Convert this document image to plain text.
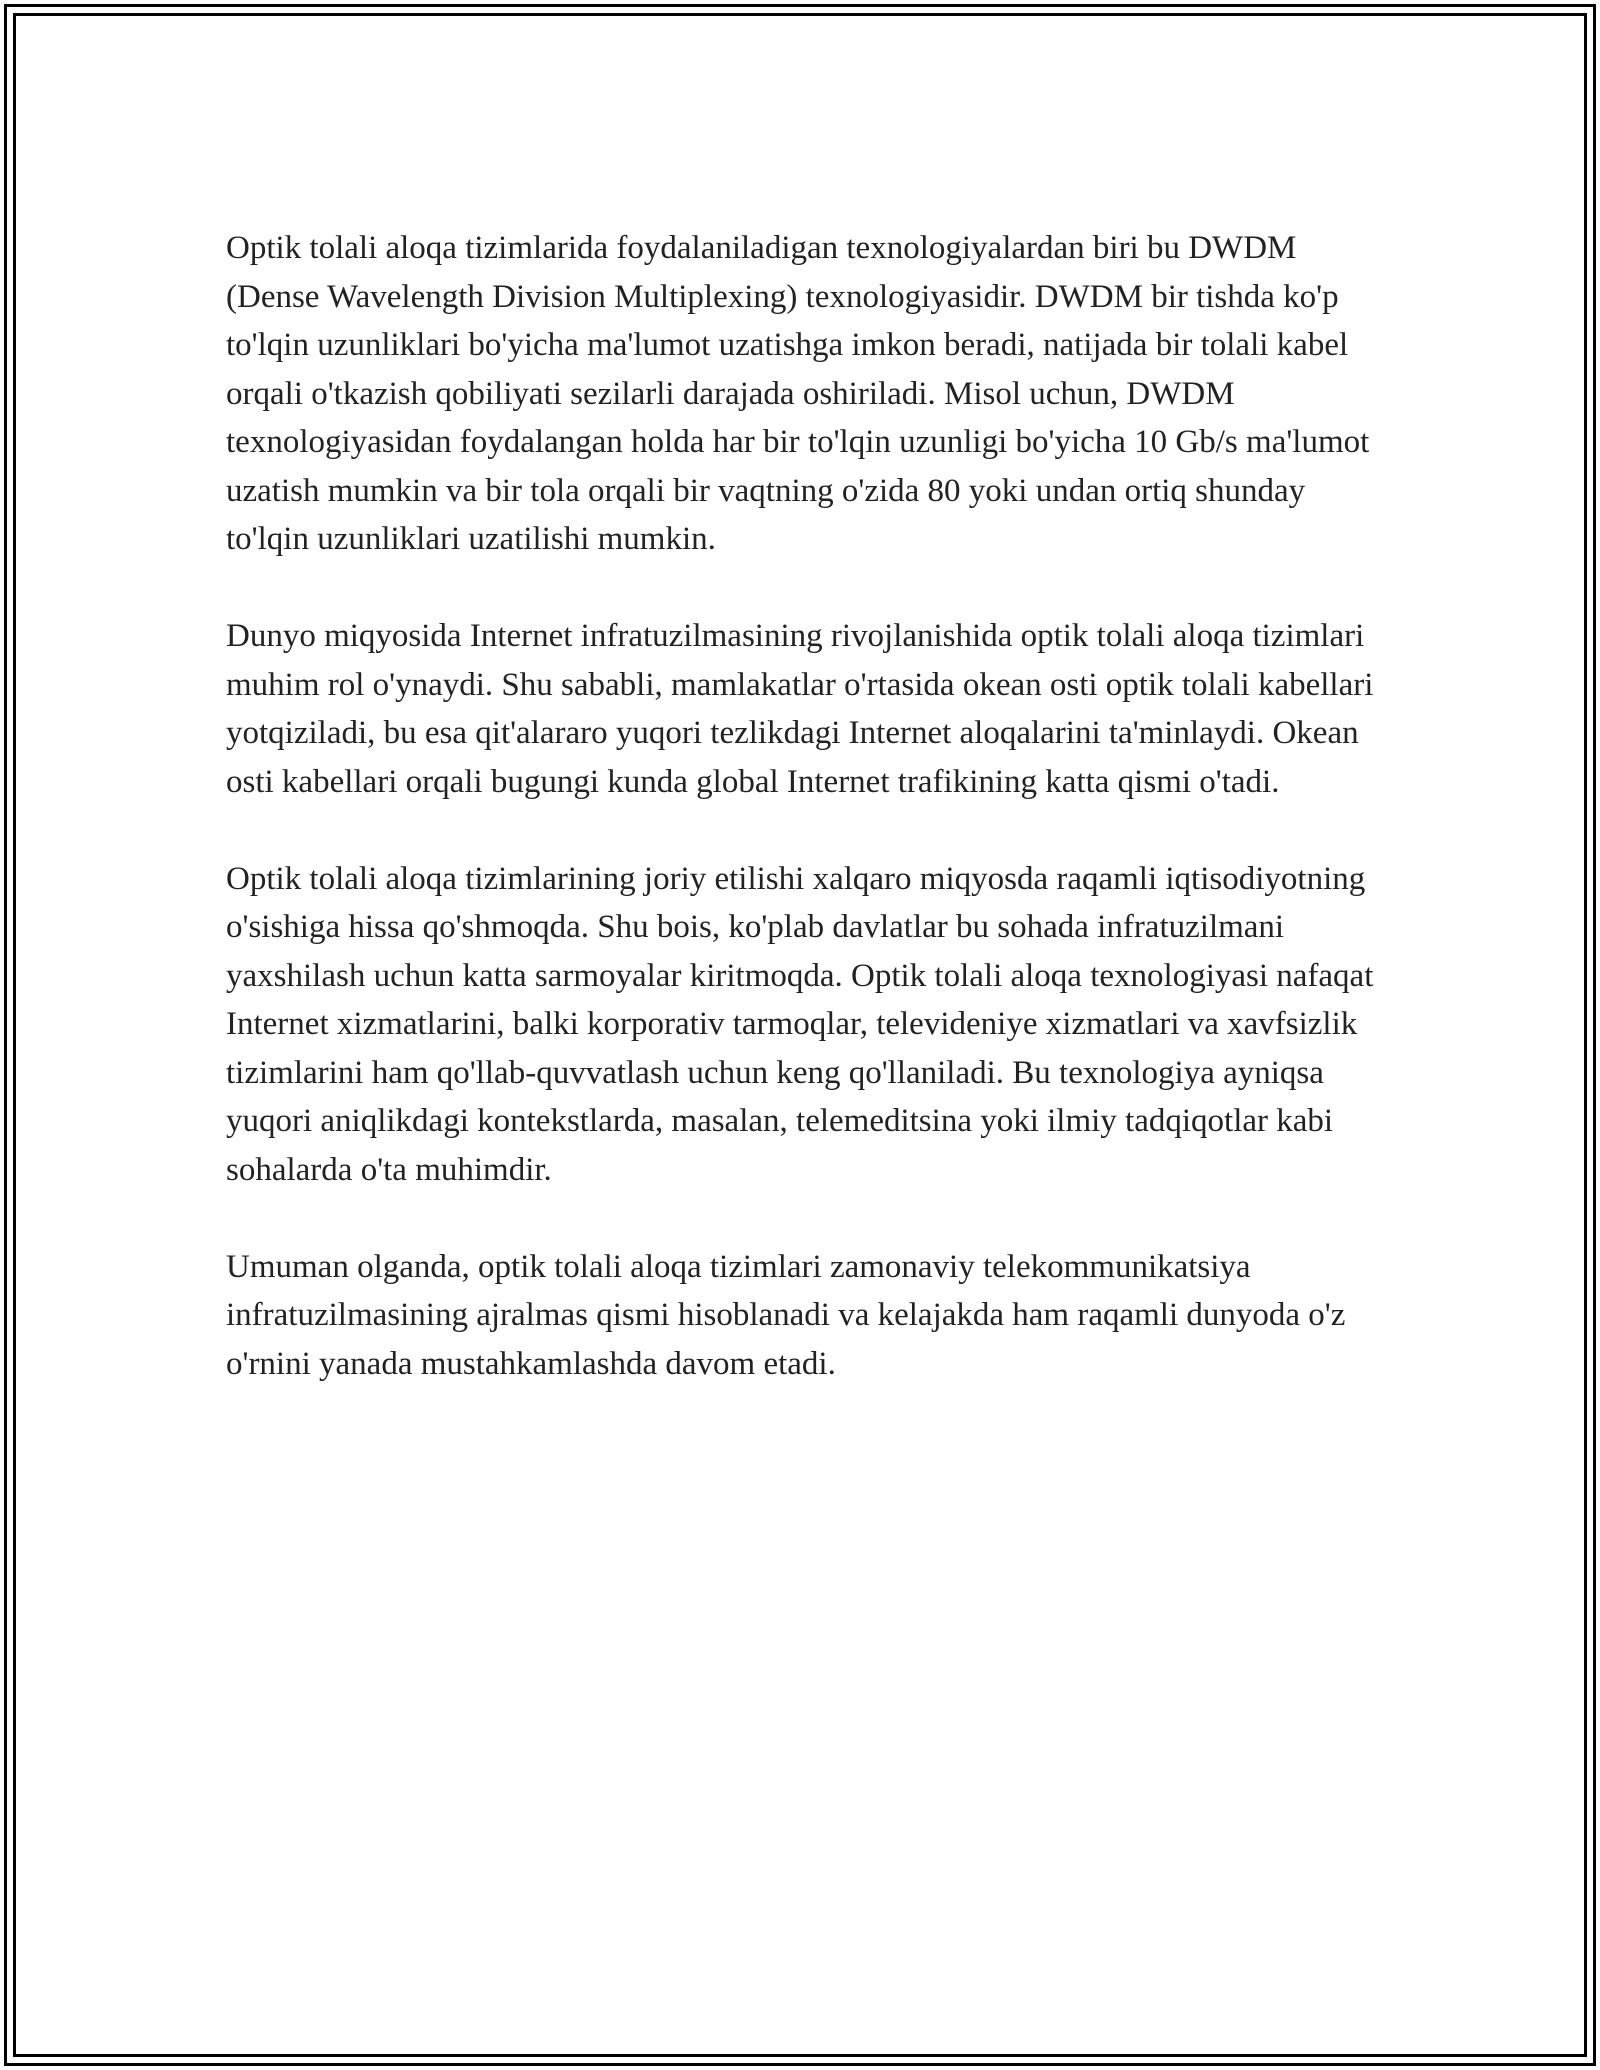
Optik tolali aloqa tizimlarida foydalaniladigan texnologiyalardan biri bu DWDM (Dense Wavelength Division Multiplexing) texnologiyasidir. DWDM bir tishda ko'p to'lqin uzunliklari bo'yicha ma'lumot uzatishga imkon beradi, natijada bir tolali kabel orqali o'tkazish qobiliyati sezilarli darajada oshiriladi. Misol uchun, DWDM texnologiyasidan foydalangan holda har bir to'lqin uzunligi bo'yicha 10 Gb/s ma'lumot uzatish mumkin va bir tola orqali bir vaqtning o'zida 80 yoki undan ortiq shunday to'lqin uzunliklari uzatilishi mumkin.

Dunyo miqyosida Internet infratuzilmasining rivojlanishida optik tolali aloqa tizimlari muhim rol o'ynaydi. Shu sababli, mamlakatlar o'rtasida okean osti optik tolali kabellari yotqiziladi, bu esa qit'alararo yuqori tezlikdagi Internet aloqalarini ta'minlaydi. Okean osti kabellari orqali bugungi kunda global Internet trafikining katta qismi o'tadi.

Optik tolali aloqa tizimlarining joriy etilishi xalqaro miqyosda raqamli iqtisodiyotning o'sishiga hissa qo'shmoqda. Shu bois, ko'plab davlatlar bu sohada infratuzilmani yaxshilash uchun katta sarmoyalar kiritmoqda. Optik tolali aloqa texnologiyasi nafaqat Internet xizmatlarini, balki korporativ tarmoqlar, televideniye xizmatlari va xavfsizlik tizimlarini ham qo'llab-quvvatlash uchun keng qo'llaniladi. Bu texnologiya ayniqsa yuqori aniqlikdagi kontekstlarda, masalan, telemeditsina yoki ilmiy tadqiqotlar kabi sohalarda o'ta muhimdir.

Umuman olganda, optik tolali aloqa tizimlari zamonaviy telekommunikatsiya infratuzilmasining ajralmas qismi hisoblanadi va kelajakda ham raqamli dunyoda o'z o'rnini yanada mustahkamlashda davom etadi.
